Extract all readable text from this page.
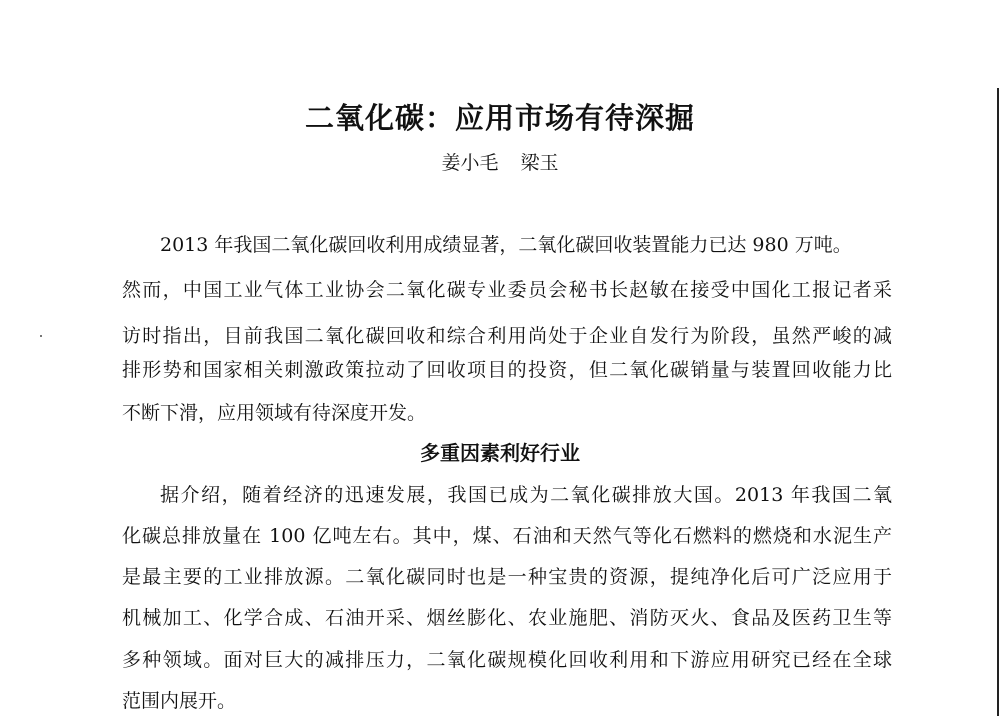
二氧化碳：应用市场有待深掘

姜小毛 梁玉

2013 年我国二氧化碳回收利用成绩显著，二氧化碳回收装置能力已达 980 万吨。
然而，中国工业气体工业协会二氧化碳专业委员会秘书长赵敏在接受中国化工报记者采
访时指出，目前我国二氧化碳回收和综合利用尚处于企业自发行为阶段，虽然严峻的减
排形势和国家相关刺激政策拉动了回收项目的投资，但二氧化碳销量与装置回收能力比
不断下滑，应用领域有待深度开发。
多重因素利好行业
据介绍，随着经济的迅速发展，我国已成为二氧化碳排放大国。2013 年我国二氧
化碳总排放量在 100 亿吨左右。其中，煤、石油和天然气等化石燃料的燃烧和水泥生产
是最主要的工业排放源。二氧化碳同时也是一种宝贵的资源，提纯净化后可广泛应用于
机械加工、化学合成、石油开采、烟丝膨化、农业施肥、消防灭火、食品及医药卫生等
多种领域。面对巨大的减排压力，二氧化碳规模化回收利用和下游应用研究已经在全球
范围内展开。
